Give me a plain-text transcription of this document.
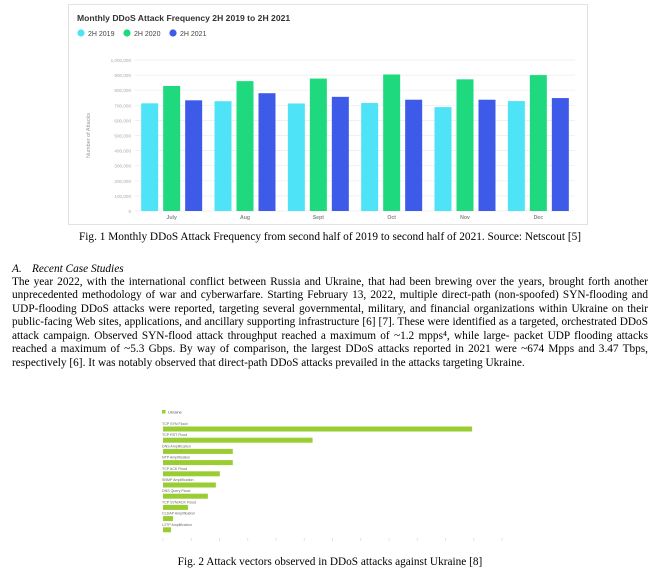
Monthly DDoS Attack Frequency 2H 2019 to 2H 2021
2H 2019	2H 2020	2H 2021
0
100,000
200,000
300,000
400,000
500,000
600,000
700,000
800,000
900,000
1,000,000
Number of Attacks
July	Aug	Sept	Oct	Nov	Dec
Fig. 1 Monthly DDoS Attack Frequency from second half of 2019 to second half of 2021. Source: Netscout [5]
A. Recent Case Studies
The year 2022, with the international conflict between Russia and Ukraine, that had been brewing over the years, brought forth another unprecedented methodology of war and cyberwarfare. Starting February 13, 2022, multiple direct-path (non-spoofed) SYN-flooding and UDP-flooding DDoS attacks were reported, targeting several governmental, military, and financial organizations within Ukraine on their public-facing Web sites, applications, and ancillary supporting infrastructure [6] [7]. These were identified as a targeted, orchestrated DDoS attack campaign. Observed SYN-flood attack throughput reached a maximum of ~1.2 mpps⁴, while large- packet UDP flooding attacks reached a maximum of ~5.3 Gbps. By way of comparison, the largest DDoS attacks reported in 2021 were ~674 Mpps and 3.47 Tbps, respectively [6]. It was notably observed that direct-path DDoS attacks prevailed in the attacks targeting Ukraine.
Ukraine
TCP SYN Flood
TCP RST Flood
DNS Amplification
NTP Amplification
TCP ACK Flood
SNMP Amplification
DNS Query Flood
TCP SYN/ACK Flood
CLDAP Amplification
L2TP Amplification
Fig. 2 Attack vectors observed in DDoS attacks against Ukraine [8]
